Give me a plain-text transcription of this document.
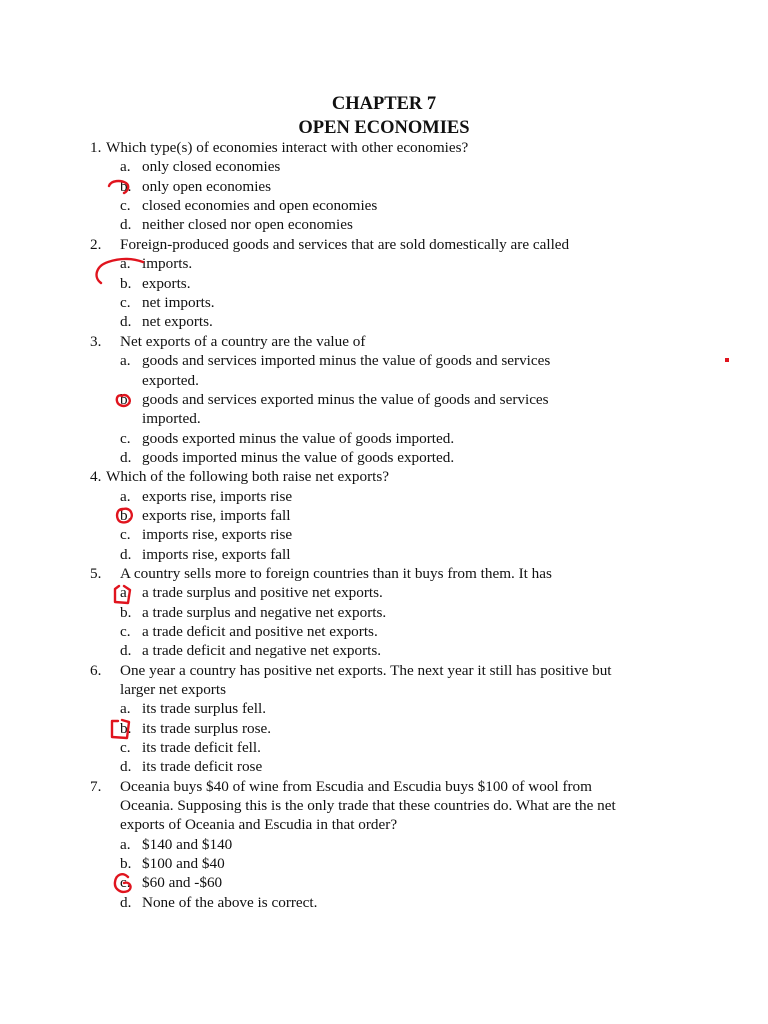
CHAPTER 7
OPEN ECONOMIES
1. Which type(s) of economies interact with other economies?
a. only closed economies
b. only open economies
c. closed economies and open economies
d. neither closed nor open economies
2. Foreign-produced goods and services that are sold domestically are called
a. imports.
b. exports.
c. net imports.
d. net exports.
3. Net exports of a country are the value of
a. goods and services imported minus the value of goods and services
exported.
b. goods and services exported minus the value of goods and services
imported.
c. goods exported minus the value of goods imported.
d. goods imported minus the value of goods exported.
4. Which of the following both raise net exports?
a. exports rise, imports rise
b. exports rise, imports fall
c. imports rise, exports rise
d. imports rise, exports fall
5. A country sells more to foreign countries than it buys from them. It has
a. a trade surplus and positive net exports.
b. a trade surplus and negative net exports.
c. a trade deficit and positive net exports.
d. a trade deficit and negative net exports.
6. One year a country has positive net exports. The next year it still has positive but
larger net exports
a. its trade surplus fell.
b. its trade surplus rose.
c. its trade deficit fell.
d. its trade deficit rose
7. Oceania buys $40 of wine from Escudia and Escudia buys $100 of wool from
Oceania. Supposing this is the only trade that these countries do. What are the net
exports of Oceania and Escudia in that order?
a. $140 and $140
b. $100 and $40
c. $60 and -$60
d. None of the above is correct.
